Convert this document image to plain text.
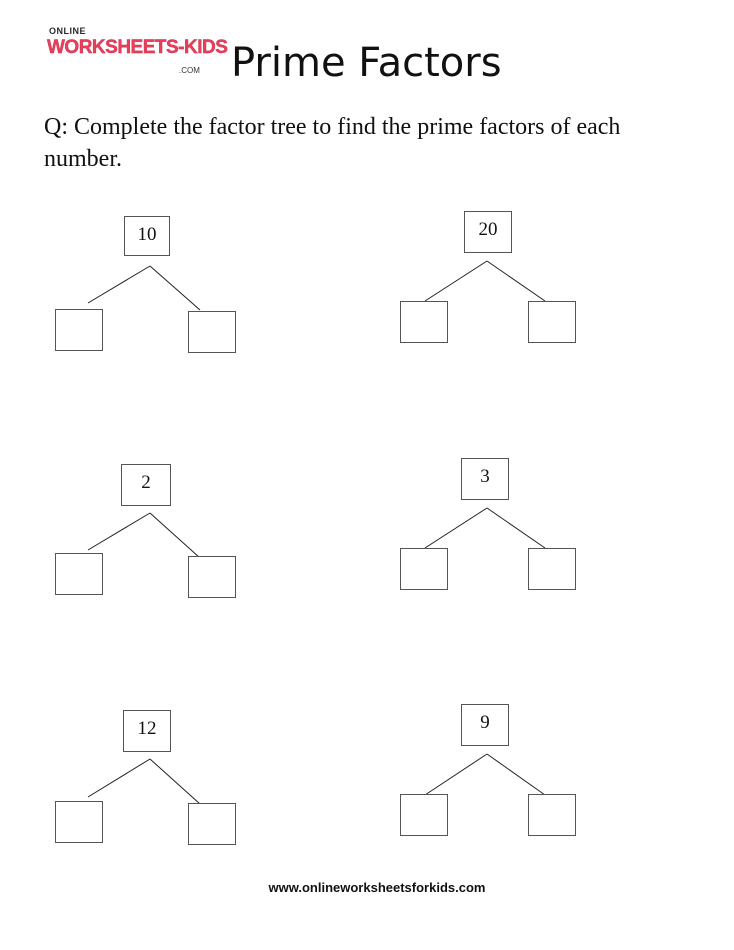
ONLINE
WORKSHEETS-KIDS
.COM Prime Factors
Q: Complete the factor tree to find the prime factors of each number.
10	20
2	3
12	9
www.onlineworksheetsforkids.com
